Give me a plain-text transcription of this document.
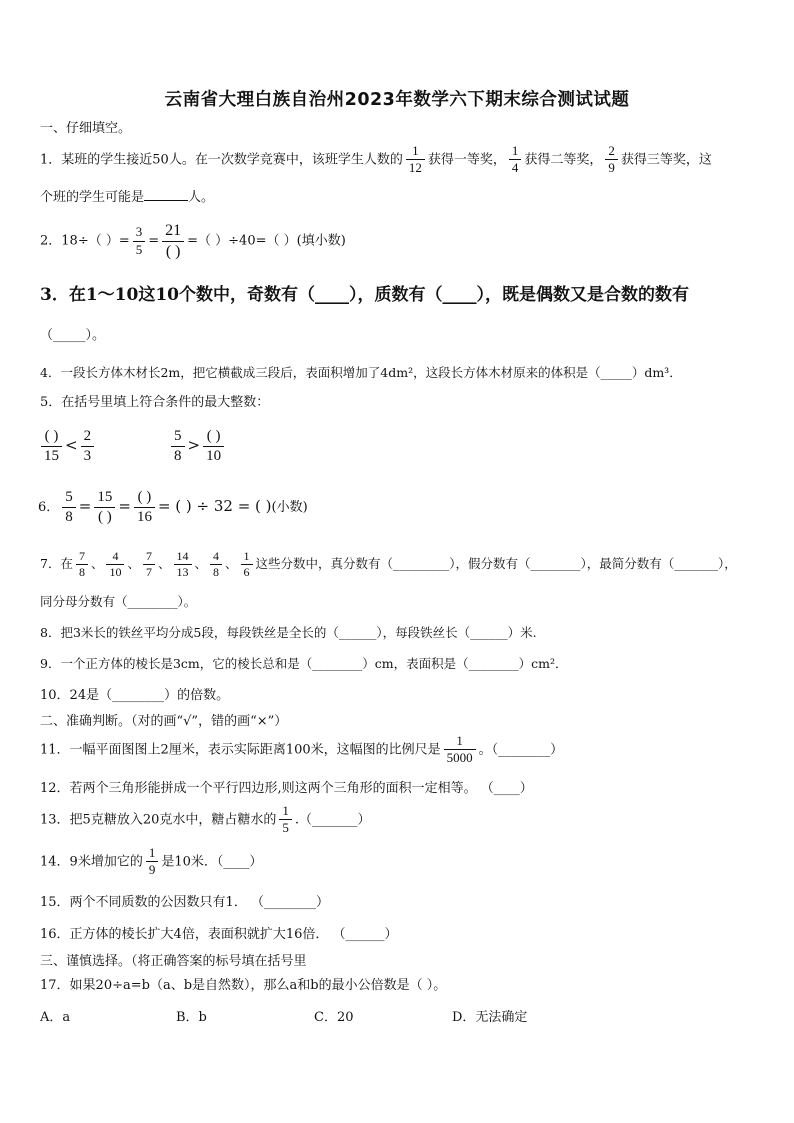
云南省大理白族自治州2023年数学六下期末综合测试试题
一、仔细填空。
1．某班的学生接近50人。在一次数学竞赛中，该班学生人数的 $\frac{1}{12}$ 获得一等奖， $\frac{1}{4}$ 获得二等奖， $\frac{2}{9}$ 获得三等奖，这
个班的学生可能是	人。
2．18÷（ ）= $\frac{3}{5} = \frac{21}{( )}$ =（ ）÷40=（ ）(填小数)
3．在1～10这10个数中，奇数有（____），质数有（____），既是偶数又是合数的数有
（_____）。
4．一段长方体木材长2m，把它横截成三段后，表面积增加了4dm²，这段长方体木材原来的体积是（_____）dm³．
5．在括号里填上符合条件的最大整数：
$\frac{( )}{15} < \frac{2}{3}$	$\frac{5}{8} > \frac{( )}{10}$
6． $\frac{5}{8} = \frac{15}{( )} = \frac{( )}{16}$ = ( ) ÷ 32 = ( )(小数)
7．在 $\frac{7}{8}$ 、 $\frac{4}{10}$ 、 $\frac{7}{7}$ 、 $\frac{14}{13}$ 、 $\frac{4}{8}$ 、 $\frac{1}{6}$ 这些分数中，真分数有（_________），假分数有（________），最简分数有（_______），
同分母分数有（________）。
8．把3米长的铁丝平均分成5段，每段铁丝是全长的（______），每段铁丝长（______）米.
9．一个正方体的棱长是3cm，它的棱长总和是（________）cm，表面积是（________）cm²．
10．24是（________）的倍数。
二、准确判断。（对的画“√”，错的画“×”）
11．一幅平面图图上2厘米，表示实际距离100米，这幅图的比例尺是 $\frac{1}{5000}$ 。（________）
12．若两个三角形能拼成一个平行四边形,则这两个三角形的面积一定相等。 （____）
13．把5克糖放入20克水中，糖占糖水的 $\frac{1}{5}$ .（_______）
14．9米增加它的 $\frac{1}{9}$ 是10米．（____）
15．两个不同质数的公因数只有1． （________）
16．正方体的棱长扩大4倍，表面积就扩大16倍． （______）
三、谨慎选择。（将正确答案的标号填在括号里
17．如果20÷a=b（a、b是自然数），那么a和b的最小公倍数是（ ）。
A．a	B．b	C．20	D．无法确定
